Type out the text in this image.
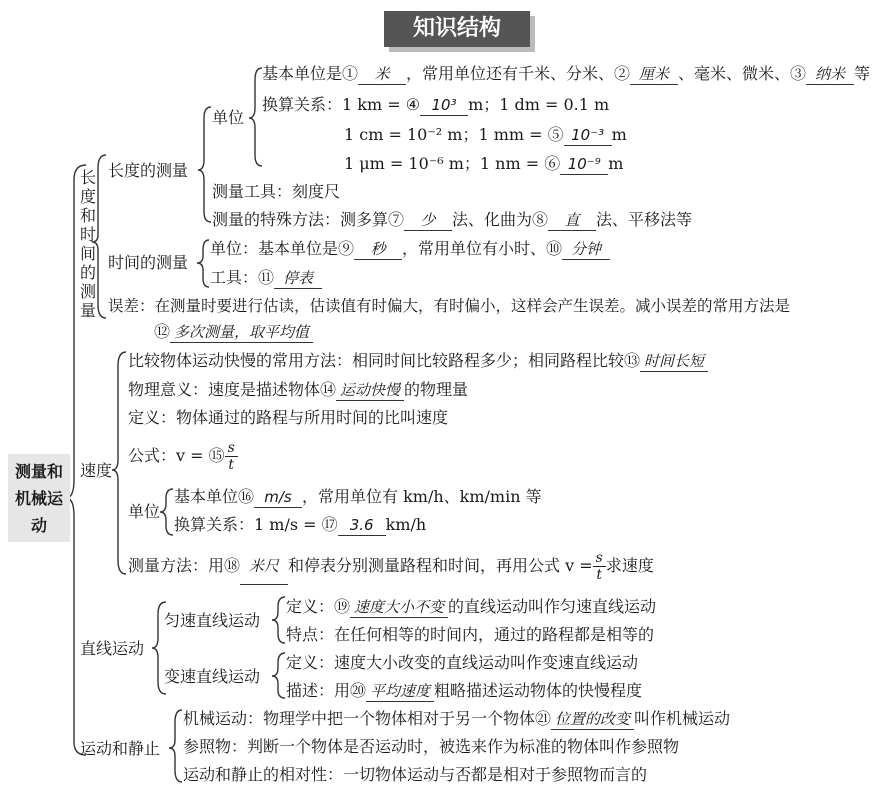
知识结构
测量和机械运动
长度和时间的测量
长度的测量
单位
基本单位是① 米 ，常用单位还有千米、分米、② 厘米 、毫米、微米、③ 纳米 等
换算关系：1 km = ④ 10³ m；1 dm = 0.1 m
1 cm = 10⁻² m；1 mm = ⑤ 10⁻³ m
1 μm = 10⁻⁶ m；1 nm = ⑥ 10⁻⁹ m
测量工具：刻度尺
测量的特殊方法：测多算⑦ 少 法、化曲为⑧ 直 法、平移法等
时间的测量
单位：基本单位是⑨ 秒 ，常用单位有小时、⑩ 分钟
工具：⑪ 停表
误差：在测量时要进行估读，估读值有时偏大，有时偏小，这样会产生误差。减小误差的常用方法是
⑫ 多次测量，取平均值
速度
比较物体运动快慢的常用方法：相同时间比较路程多少；相同路程比较⑬ 时间长短
物理意义：速度是描述物体⑭ 运动快慢 的物理量
定义：物体通过的路程与所用时间的比叫速度
公式：v = ⑮ $\frac{s}{t}$
单位
基本单位⑯ m/s ，常用单位有 km/h、km/min 等
换算关系：1 m/s = ⑰ 3.6 km/h
测量方法：用⑱ 米尺 和停表分别测量路程和时间，再用公式 $v = \frac{s}{t}$ 求速度
直线运动
匀速直线运动
定义：⑲ 速度大小不变 的直线运动叫作匀速直线运动
特点：在任何相等的时间内，通过的路程都是相等的
变速直线运动
定义：速度大小改变的直线运动叫作变速直线运动
描述：用⑳ 平均速度 粗略描述运动物体的快慢程度
运动和静止
机械运动：物理学中把一个物体相对于另一个物体㉑ 位置的改变 叫作机械运动
参照物：判断一个物体是否运动时，被选来作为标准的物体叫作参照物
运动和静止的相对性：一切物体运动与否都是相对于参照物而言的
